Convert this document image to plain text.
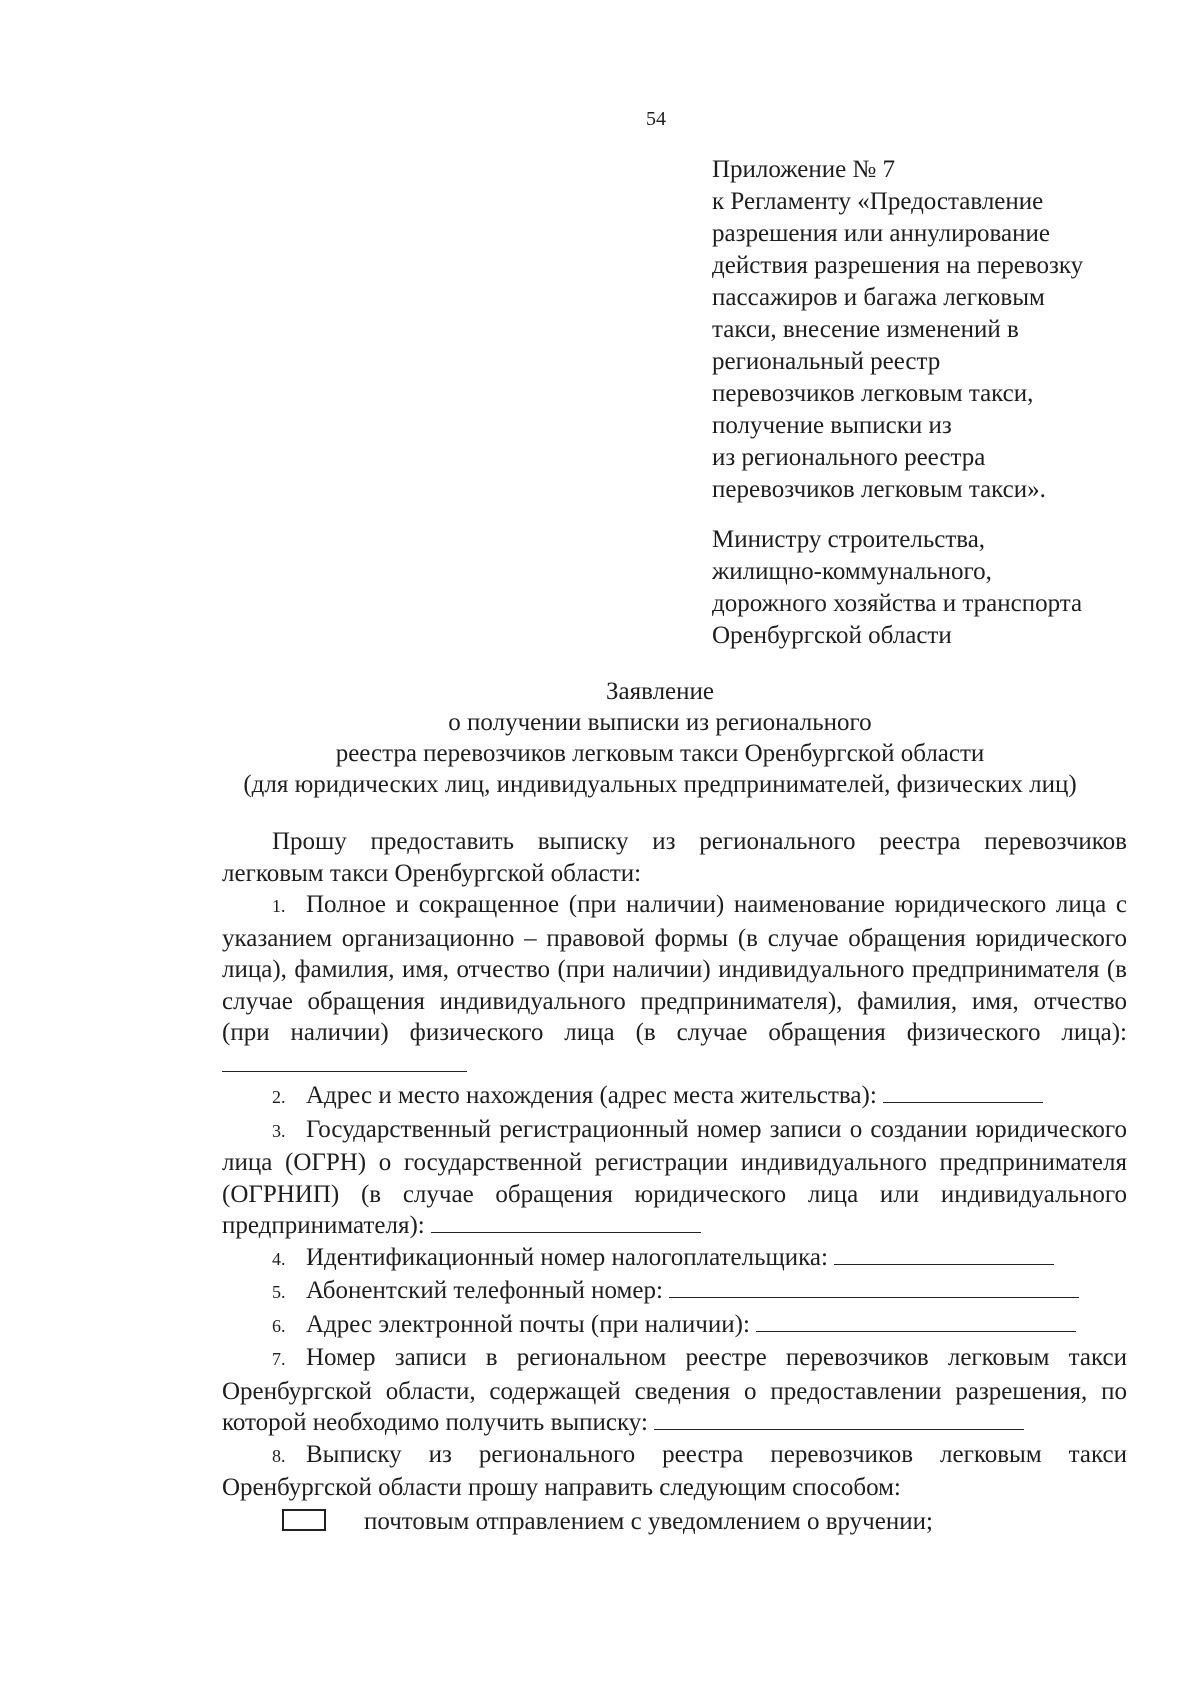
54
Приложение № 7
к Регламенту «Предоставление
разрешения или аннулирование
действия разрешения на перевозку
пассажиров и багажа легковым
такси, внесение изменений в
региональный реестр
перевозчиков легковым такси,
получение выписки из
из регионального реестра
перевозчиков легковым такси».
Министру строительства,
жилищно-коммунального,
дорожного хозяйства и транспорта
Оренбургской области
Заявление
о получении выписки из регионального
реестра перевозчиков легковым такси Оренбургской области
(для юридических лиц, индивидуальных предпринимателей, физических лиц)
Прошу предоставить выписку из регионального реестра перевозчиков легковым такси Оренбургской области:
1. Полное и сокращенное (при наличии) наименование юридического лица с указанием организационно – правовой формы (в случае обращения юридического лица), фамилия, имя, отчество (при наличии) индивидуального предпринимателя (в случае обращения индивидуального предпринимателя), фамилия, имя, отчество (при наличии) физического лица (в случае обращения физического лица):
2. Адрес и место нахождения (адрес места жительства):
3. Государственный регистрационный номер записи о создании юридического лица (ОГРН) о государственной регистрации индивидуального предпринимателя (ОГРНИП) (в случае обращения юридического лица или индивидуального предпринимателя):
4. Идентификационный номер налогоплательщика:
5. Абонентский телефонный номер:
6. Адрес электронной почты (при наличии):
7. Номер записи в региональном реестре перевозчиков легковым такси Оренбургской области, содержащей сведения о предоставлении разрешения, по которой необходимо получить выписку:
8. Выписку из регионального реестра перевозчиков легковым такси Оренбургской области прошу направить следующим способом:
почтовым отправлением с уведомлением о вручении;
